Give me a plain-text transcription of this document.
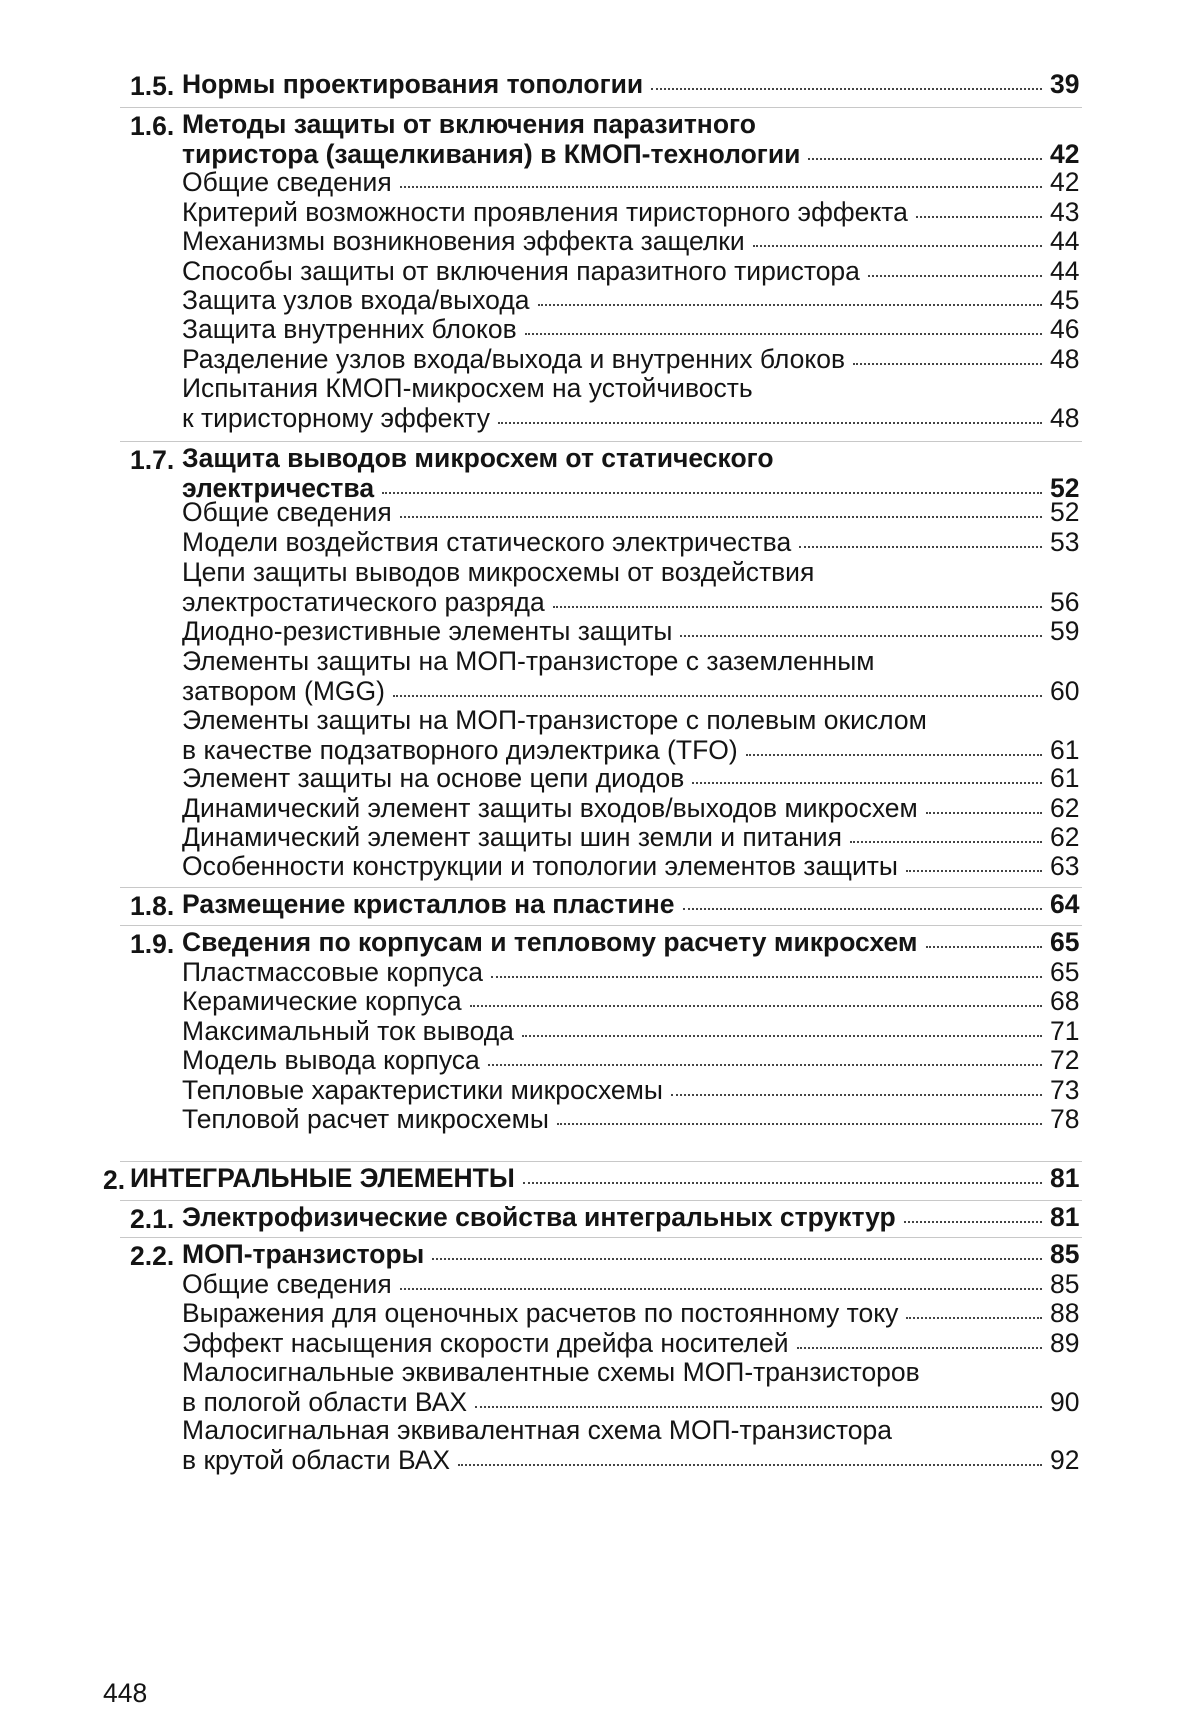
1.5. Нормы проектирования топологии	39
1.6. Методы защиты от включения паразитного
тиристора (защелкивания) в КМОП-технологии	42
Общие сведения	42
Критерий возможности проявления тиристорного эффекта	43
Механизмы возникновения эффекта защелки	44
Способы защиты от включения паразитного тиристора	44
Защита узлов входа/выхода	45
Защита внутренних блоков	46
Разделение узлов входа/выхода и внутренних блоков	48
Испытания КМОП-микросхем на устойчивость
к тиристорному эффекту	48
1.7. Защита выводов микросхем от статического
электричества	52
Общие сведения	52
Модели воздействия статического электричества	53
Цепи защиты выводов микросхемы от воздействия
электростатического разряда	56
Диодно-резистивные элементы защиты	59
Элементы защиты на МОП-транзисторе с заземленным
затвором (MGG)	60
Элементы защиты на МОП-транзисторе с полевым окислом
в качестве подзатворного диэлектрика (TFO)	61
Элемент защиты на основе цепи диодов	61
Динамический элемент защиты входов/выходов микросхем	62
Динамический элемент защиты шин земли и питания	62
Особенности конструкции и топологии элементов защиты	63
1.8. Размещение кристаллов на пластине	64
1.9. Сведения по корпусам и тепловому расчету микросхем	65
Пластмассовые корпуса	65
Керамические корпуса	68
Максимальный ток вывода	71
Модель вывода корпуса	72
Тепловые характеристики микросхемы	73
Тепловой расчет микросхемы	78
2. ИНТЕГРАЛЬНЫЕ ЭЛЕМЕНТЫ	81
2.1. Электрофизические свойства интегральных структур	81
2.2. МОП-транзисторы	85
Общие сведения	85
Выражения для оценочных расчетов по постоянному току	88
Эффект насыщения скорости дрейфа носителей	89
Малосигнальные эквивалентные схемы МОП-транзисторов
в пологой области ВАХ	90
Малосигнальная эквивалентная схема МОП-транзистора
в крутой области ВАХ	92
448
